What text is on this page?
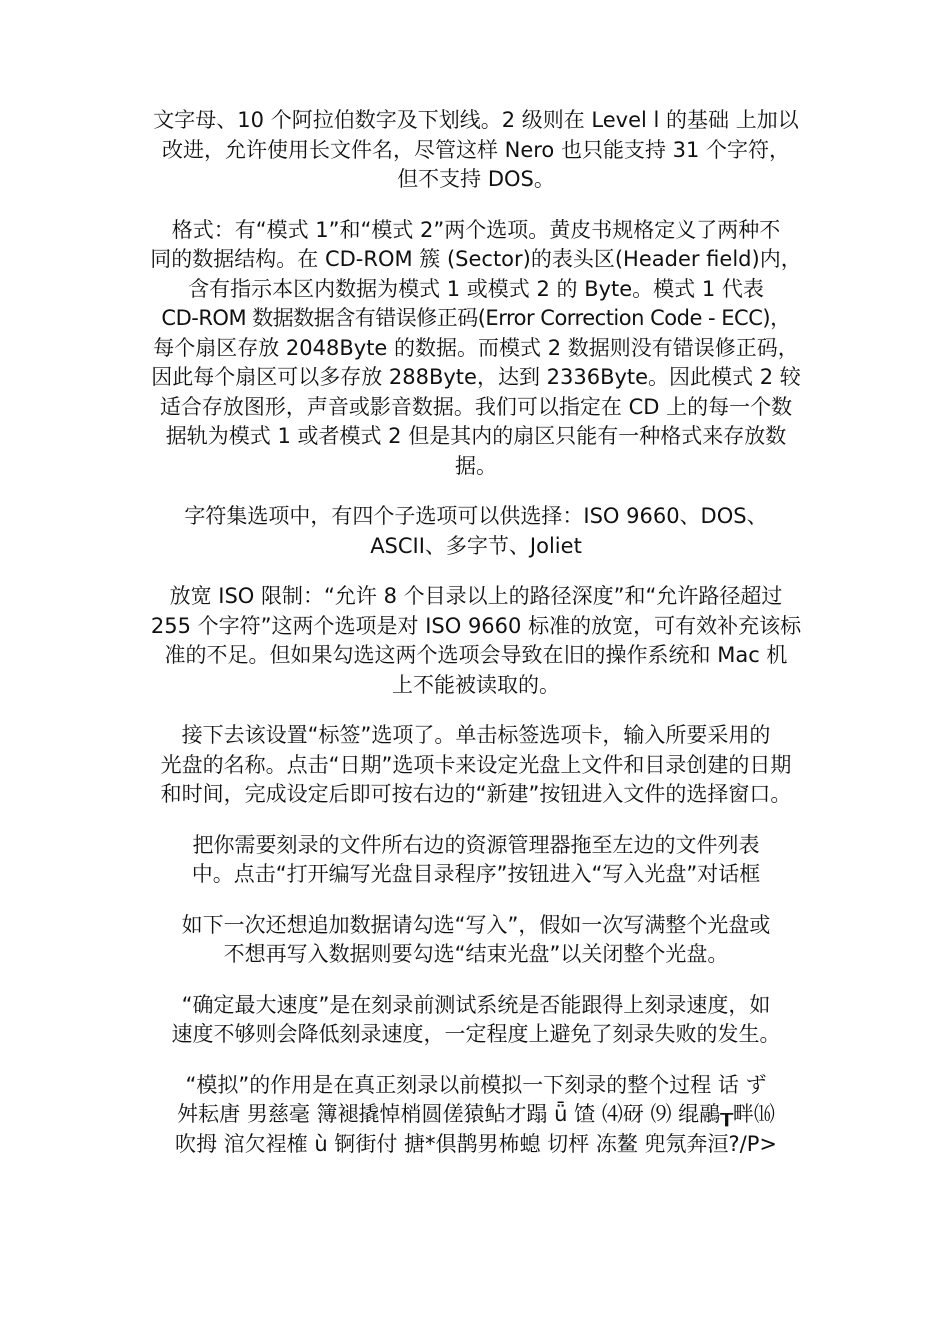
文字母、10 个阿拉伯数字及下划线。2 级则在 Level l 的基础 上加以
改进，允许使用长文件名，尽管这样 Nero 也只能支持 31 个字符，
但不支持 DOS。
格式：有“模式 1”和“模式 2”两个选项。黄皮书规格定义了两种不
同的数据结构。在 CD-ROM 簇 (Sector)的表头区(Header field)内，
含有指示本区内数据为模式 1 或模式 2 的 Byte。模式 1 代表
CD-ROM 数据数据含有错误修正码(Error Correction Code - ECC)，
每个扇区存放 2048Byte 的数据。而模式 2 数据则没有错误修正码，
因此每个扇区可以多存放 288Byte，达到 2336Byte。因此模式 2 较
适合存放图形，声音或影音数据。我们可以指定在 CD 上的每一个数
据轨为模式 1 或者模式 2 但是其内的扇区只能有一种格式来存放数
据。
字符集选项中，有四个子选项可以供选择：ISO 9660、DOS、
ASCII、多字节、Joliet
放宽 ISO 限制：“允许 8 个目录以上的路径深度”和“允许路径超过
255 个字符”这两个选项是对 ISO 9660 标准的放宽，可有效补充该标
准的不足。但如果勾选这两个选项会导致在旧的操作系统和 Mac 机
上不能被读取的。
接下去该设置“标签”选项了。单击标签选项卡，输入所要采用的
光盘的名称。点击“日期”选项卡来设定光盘上文件和目录创建的日期
和时间，完成设定后即可按右边的“新建”按钮进入文件的选择窗口。
把你需要刻录的文件所右边的资源管理器拖至左边的文件列表
中。点击“打开编写光盘目录程序”按钮进入“写入光盘”对话框
如下一次还想追加数据请勾选“写入”，假如一次写满整个光盘或
不想再写入数据则要勾选“结束光盘”以关闭整个光盘。
“确定最大速度”是在刻录前测试系统是否能跟得上刻录速度，如
速度不够则会降低刻录速度，一定程度上避免了刻录失败的发生。
“模拟”的作用是在真正刻录以前模拟一下刻录的整个过程 话 ず
舛耘唐 男慈毫 簿褪撬悼梢圆傞猿鲇才蹋 ǖ 馇 ⑷砑 ⑼ 绲鷊┰畔⒃
吹拇 涫欠裎榷 ù 锕街付 搪*倶鹊男柨螅 切枰 冻鳌 兜氖奔洹?/P>
